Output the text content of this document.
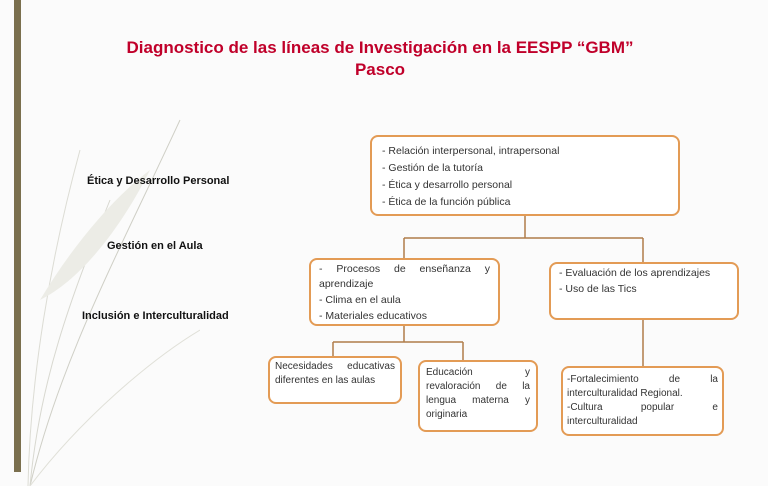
Diagnostico de las líneas de Investigación en la EESPP “GBM”
Pasco
Ética y Desarrollo Personal
Gestión en el Aula
Inclusión e Interculturalidad
- Relación interpersonal, intrapersonal
- Gestión de la tutoría
- Ética y desarrollo personal
- Ética de la función pública
- Procesos de enseñanza y aprendizaje
- Clima en el aula
- Materiales educativos
- Evaluación de los aprendizajes
- Uso de las Tics
Necesidades educativas diferentes en las aulas
Educación y revaloración de la lengua materna y originaria
-Fortalecimiento de la interculturalidad Regional.
-Cultura popular e interculturalidad
